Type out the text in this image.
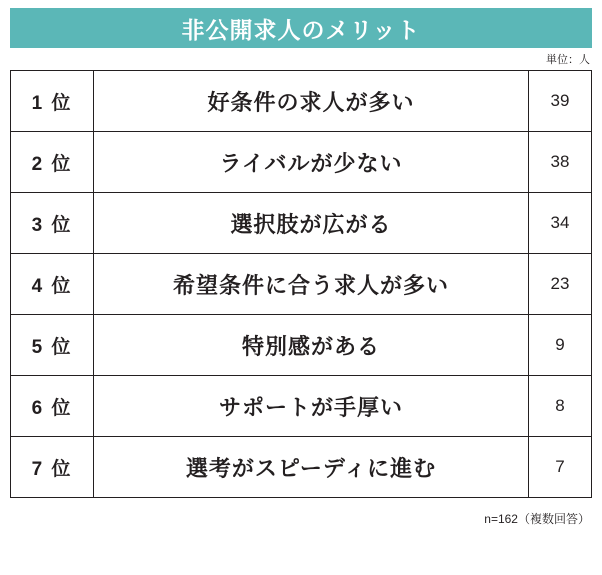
非公開求人のメリット
単位：人
1 位	好条件の求人が多い	39
2 位	ライバルが少ない	38
3 位	選択肢が広がる	34
4 位	希望条件に合う求人が多い	23
5 位	特別感がある	9
6 位	サポートが手厚い	8
7 位	選考がスピーディに進む	7
n=162（複数回答）
